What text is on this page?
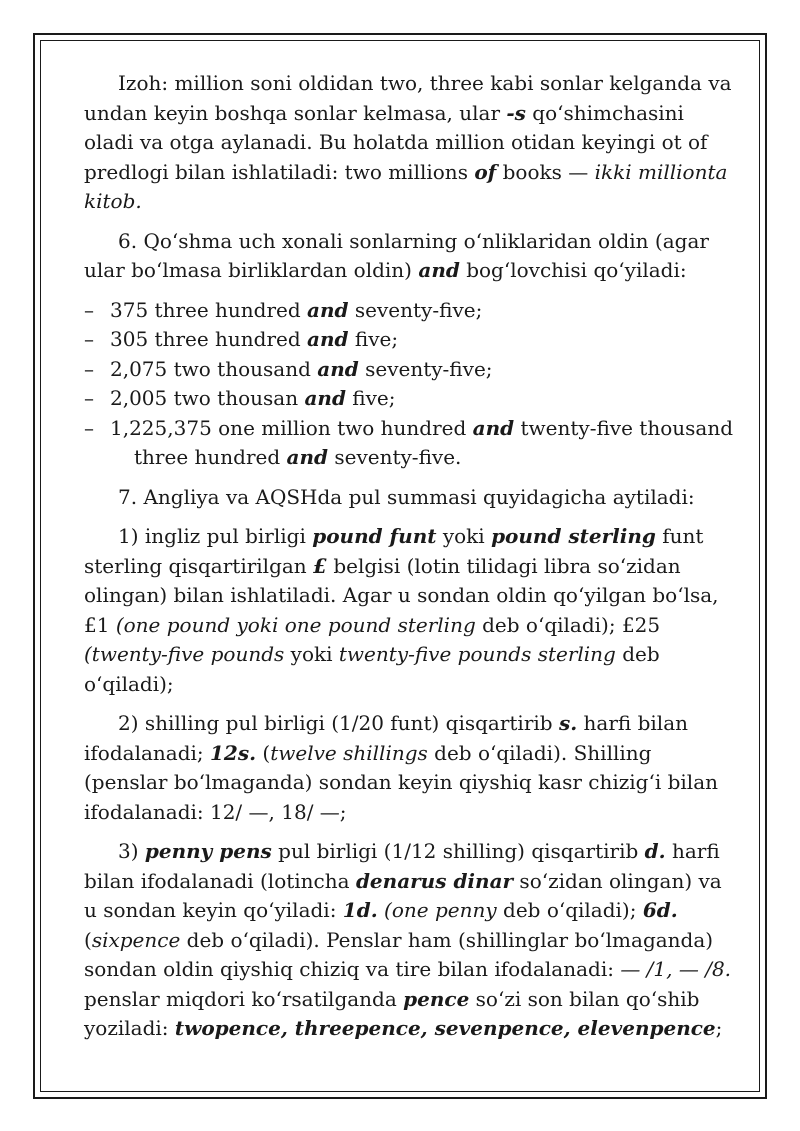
Izoh: million soni oldidan two, three kabi sonlar kelganda va undan keyin boshqa sonlar kelmasa, ular -s qo‘shimchasini oladi va otga aylanadi. Bu holatda million otidan keyingi ot of predlogi bilan ishlatiladi: two millions of books — ikki millionta kitob.

6. Qo‘shma uch xonali sonlarning o‘nliklaridan oldin (agar ular bo‘lmasa birliklardan oldin) and bog‘lovchisi qo‘yiladi:

– 375 three hundred and seventy-five;
– 305 three hundred and five;
– 2,075 two thousand and seventy-five;
– 2,005 two thousan and five;
– 1,225,375 one million two hundred and twenty-five thousand
three hundred and seventy-five.

7. Angliya va AQSHda pul summasi quyidagicha aytiladi:

1) ingliz pul birligi pound funt yoki pound sterling funt sterling qisqartirilgan £ belgisi (lotin tilidagi libra so‘zidan olingan) bilan ishlatiladi. Agar u sondan oldin qo‘yilgan bo‘lsa, £1 (one pound yoki one pound sterling deb o‘qiladi); £25 (twenty-five pounds yoki twenty-five pounds sterling deb o‘qiladi);

2) shilling pul birligi (1/20 funt) qisqartirib s. harfi bilan ifodalanadi; 12s. (twelve shillings deb o‘qiladi). Shilling (penslar bo‘lmaganda) sondan keyin qiyshiq kasr chizig‘i bilan ifodalanadi: 12/ —, 18/ —;

3) penny pens pul birligi (1/12 shilling) qisqartirib d. harfi bilan ifodalanadi (lotincha denarus dinar so‘zidan olingan) va u sondan keyin qo‘yiladi: 1d. (one penny deb o‘qiladi); 6d. (sixpence deb o‘qiladi). Penslar ham (shillinglar bo‘lmaganda) sondan oldin qiyshiq chiziq va tire bilan ifodalanadi: — /1, — /8. penslar miqdori ko‘rsatilganda pence so‘zi son bilan qo‘shib yoziladi: twopence, threepence, sevenpence, elevenpence;
